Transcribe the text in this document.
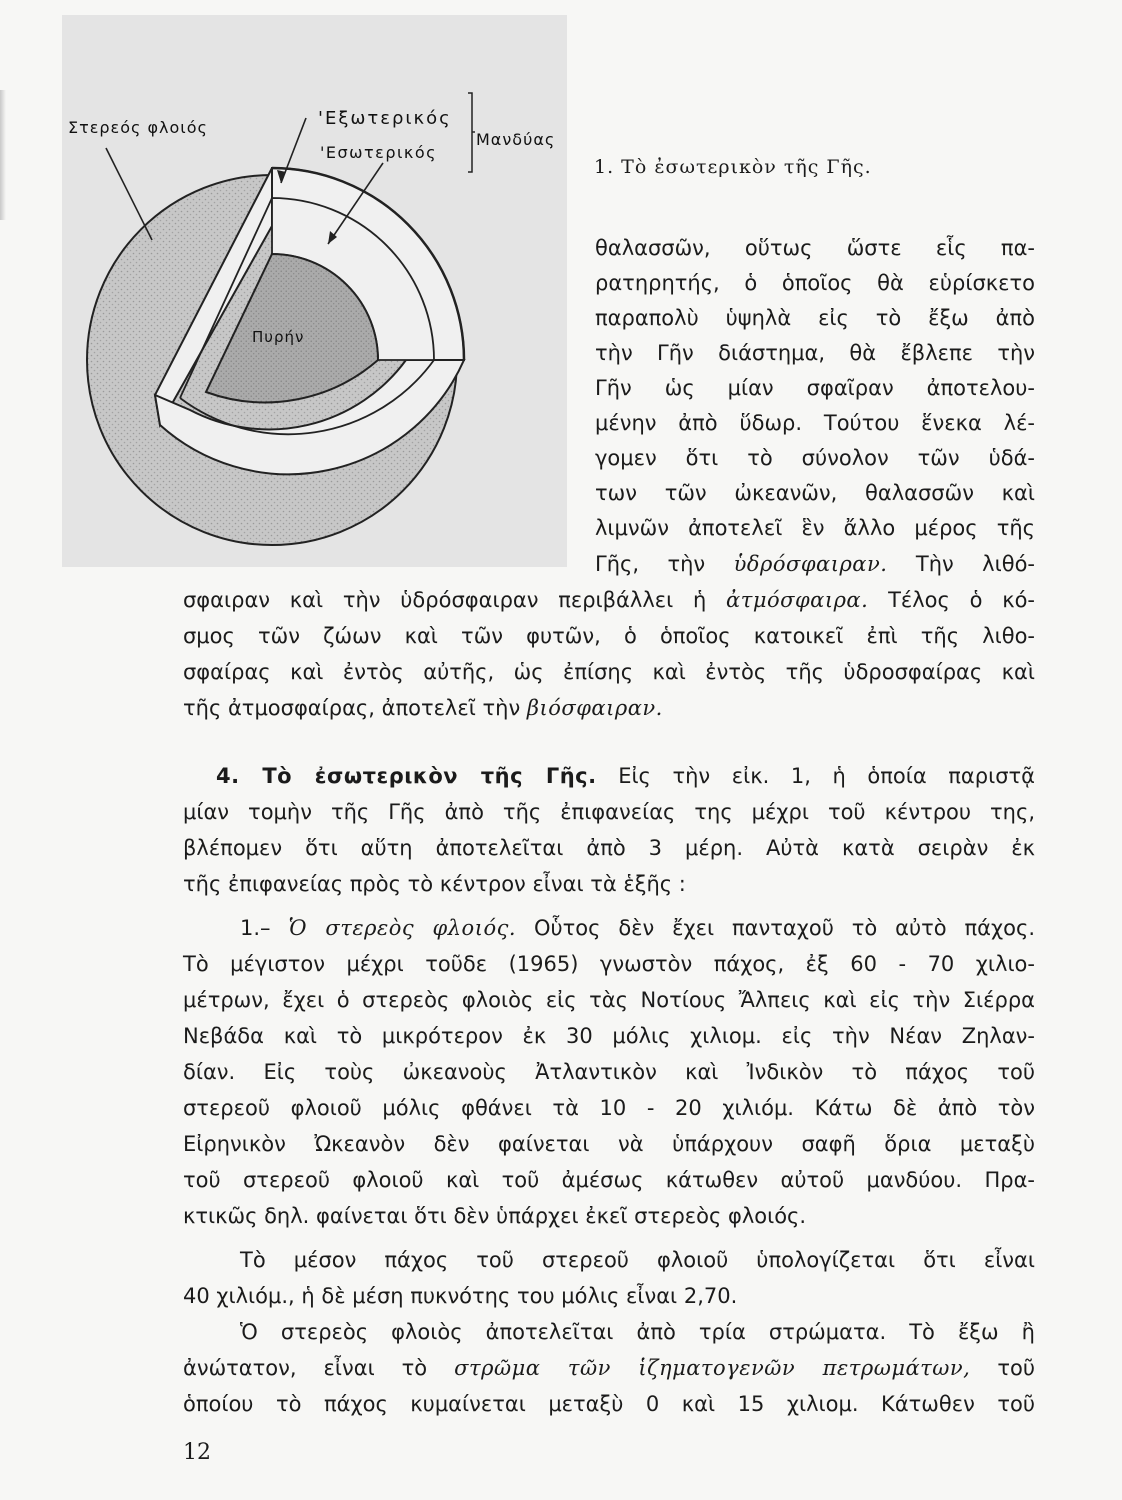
Στερεός φλοιός	'Εξωτερικός
'Εσωτερικός
Μανδύας
Πυρήν
1. Τὸ ἐσωτερικὸν τῆς Γῆς.

θαλασσῶν, οὕτως ὥστε εἷς πα-

ρατηρητής, ὁ ὁποῖος θὰ εὑρίσκετο

παραπολὺ ὑψηλὰ εἰς τὸ ἔξω ἀπὸ

τὴν Γῆν διάστημα, θὰ ἔβλεπε τὴν

Γῆν ὡς μίαν σφαῖραν ἀποτελου-

μένην ἀπὸ ὕδωρ. Τούτου ἕνεκα λέ-

γομεν ὅτι τὸ σύνολον τῶν ὑδά-

των τῶν ὠκεανῶν, θαλασσῶν καὶ

λιμνῶν ἀποτελεῖ ἓν ἄλλο μέρος τῆς

Γῆς, τὴν ὑδρόσφαιραν. Τὴν λιθό-

σφαιραν καὶ τὴν ὑδρόσφαιραν περιβάλλει ἡ ἀτμόσφαιρα. Τέλος ὁ κό-

σμος τῶν ζώων καὶ τῶν φυτῶν, ὁ ὁποῖος κατοικεῖ ἐπὶ τῆς λιθο-

σφαίρας καὶ ἐντὸς αὐτῆς, ὡς ἐπίσης καὶ ἐντὸς τῆς ὑδροσφαίρας καὶ

τῆς ἀτμοσφαίρας, ἀποτελεῖ τὴν βιόσφαιραν.

4. Τὸ ἐσωτερικὸν τῆς Γῆς. Εἰς τὴν εἰκ. 1, ἡ ὁποία παριστᾷ

μίαν τομὴν τῆς Γῆς ἀπὸ τῆς ἐπιφανείας της μέχρι τοῦ κέντρου της,

βλέπομεν ὅτι αὕτη ἀποτελεῖται ἀπὸ 3 μέρη. Αὐτὰ κατὰ σειρὰν ἐκ

τῆς ἐπιφανείας πρὸς τὸ κέντρον εἶναι τὰ ἑξῆς :

1.– Ὁ στερεὸς φλοιός. Οὗτος δὲν ἔχει πανταχοῦ τὸ αὐτὸ πάχος.

Τὸ μέγιστον μέχρι τοῦδε (1965) γνωστὸν πάχος, ἐξ 60 - 70 χιλιο-

μέτρων, ἔχει ὁ στερεὸς φλοιὸς εἰς τὰς Νοτίους Ἄλπεις καὶ εἰς τὴν Σιέρρα

Νεβάδα καὶ τὸ μικρότερον ἐκ 30 μόλις χιλιομ. εἰς τὴν Νέαν Ζηλαν-

δίαν. Εἰς τοὺς ὠκεανοὺς Ἀτλαντικὸν καὶ Ἰνδικὸν τὸ πάχος τοῦ

στερεοῦ φλοιοῦ μόλις φθάνει τὰ 10 - 20 χιλιόμ. Κάτω δὲ ἀπὸ τὸν

Εἰρηνικὸν Ὠκεανὸν δὲν φαίνεται νὰ ὑπάρχουν σαφῆ ὅρια μεταξὺ

τοῦ στερεοῦ φλοιοῦ καὶ τοῦ ἀμέσως κάτωθεν αὐτοῦ μανδύου. Πρα-

κτικῶς δηλ. φαίνεται ὅτι δὲν ὑπάρχει ἐκεῖ στερεὸς φλοιός.

Τὸ μέσον πάχος τοῦ στερεοῦ φλοιοῦ ὑπολογίζεται ὅτι εἶναι

40 χιλιόμ., ἡ δὲ μέση πυκνότης του μόλις εἶναι 2,70.

Ὁ στερεὸς φλοιὸς ἀποτελεῖται ἀπὸ τρία στρώματα. Τὸ ἔξω ἢ

ἀνώτατον, εἶναι τὸ στρῶμα τῶν ἱζηματογενῶν πετρωμάτων, τοῦ

ὁποίου τὸ πάχος κυμαίνεται μεταξὺ 0 καὶ 15 χιλιομ. Κάτωθεν τοῦ

12
